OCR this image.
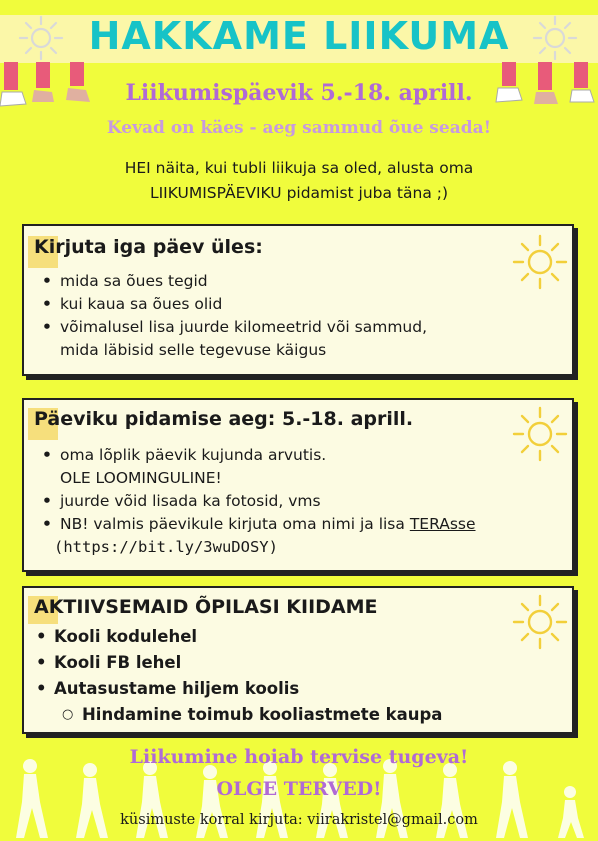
HAKKAME LIIKUMA
Liikumispäevik 5.-18. aprill.
Kevad on käes - aeg sammud õue seada!
HEI näita, kui tubli liikuja sa oled, alusta oma
LIIKUMISPÄEVIKU pidamist juba täna ;)
Kirjuta iga päev üles:
• mida sa õues tegid
• kui kaua sa õues olid
• võimalusel lisa juurde kilomeetrid või sammud,
mida läbisid selle tegevuse käigus
Päeviku pidamise aeg: 5.-18. aprill.
• oma lõplik päevik kujunda arvutis.
OLE LOOMINGULINE!
• juurde võid lisada ka fotosid, vms
• NB! valmis päevikule kirjuta oma nimi ja lisa TERAsse
(https://bit.ly/3wuDOSY)
AKTIIVSEMAID ÕPILASI KIIDAME
• Kooli kodulehel
• Kooli FB lehel
• Autasustame hiljem koolis
○ Hindamine toimub kooliastmete kaupa
Liikumine hoiab tervise tugeva!
OLGE TERVED!
küsimuste korral kirjuta: viirakristel@gmail.com
